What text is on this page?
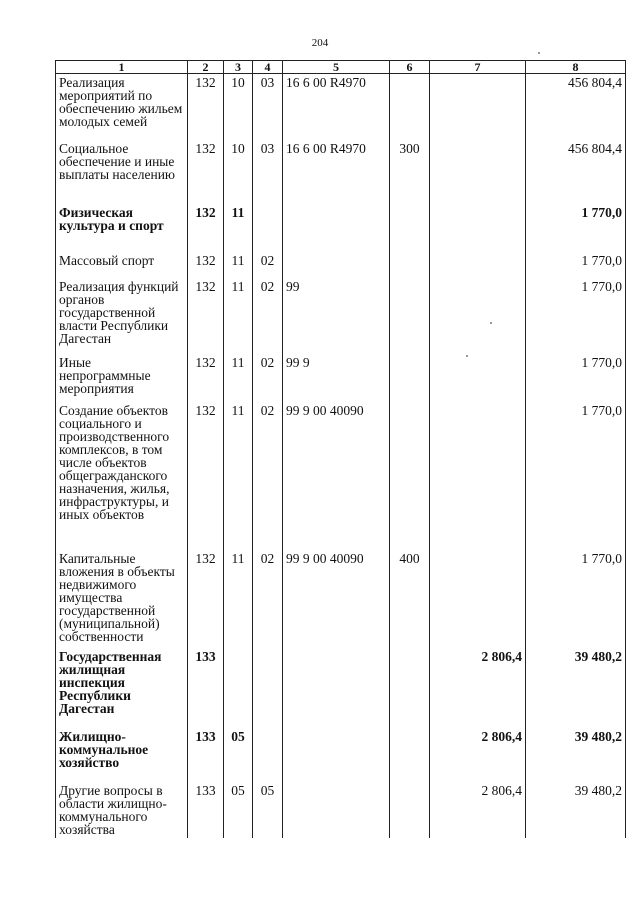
204
1	2	3	4	5	6	7	8
Реализация мероприятий по обеспечению жильем молодых семей	132	10	03	16 6 00 R4970			456 804,4
Социальное обеспечение и иные выплаты населению	132	10	03	16 6 00 R4970	300		456 804,4
Физическая культура и спорт	132	11					1 770,0
Массовый спорт	132	11	02				1 770,0
Реализация функций органов государственной власти Республики Дагестан	132	11	02	99			1 770,0
Иные непрограммные мероприятия	132	11	02	99 9			1 770,0
Создание объектов социального и производственного комплексов, в том числе объектов общегражданского назначения, жилья, инфраструктуры, и иных объектов	132	11	02	99 9 00 40090			1 770,0
Капитальные вложения в объекты недвижимого имущества государственной (муниципальной) собственности	132	11	02	99 9 00 40090	400		1 770,0
Государственная жилищная инспекция Республики Дагестан	133					2 806,4	39 480,2
Жилищно-коммунальное хозяйство	133	05				2 806,4	39 480,2
Другие вопросы в области жилищно-коммунального хозяйства	133	05	05			2 806,4	39 480,2
